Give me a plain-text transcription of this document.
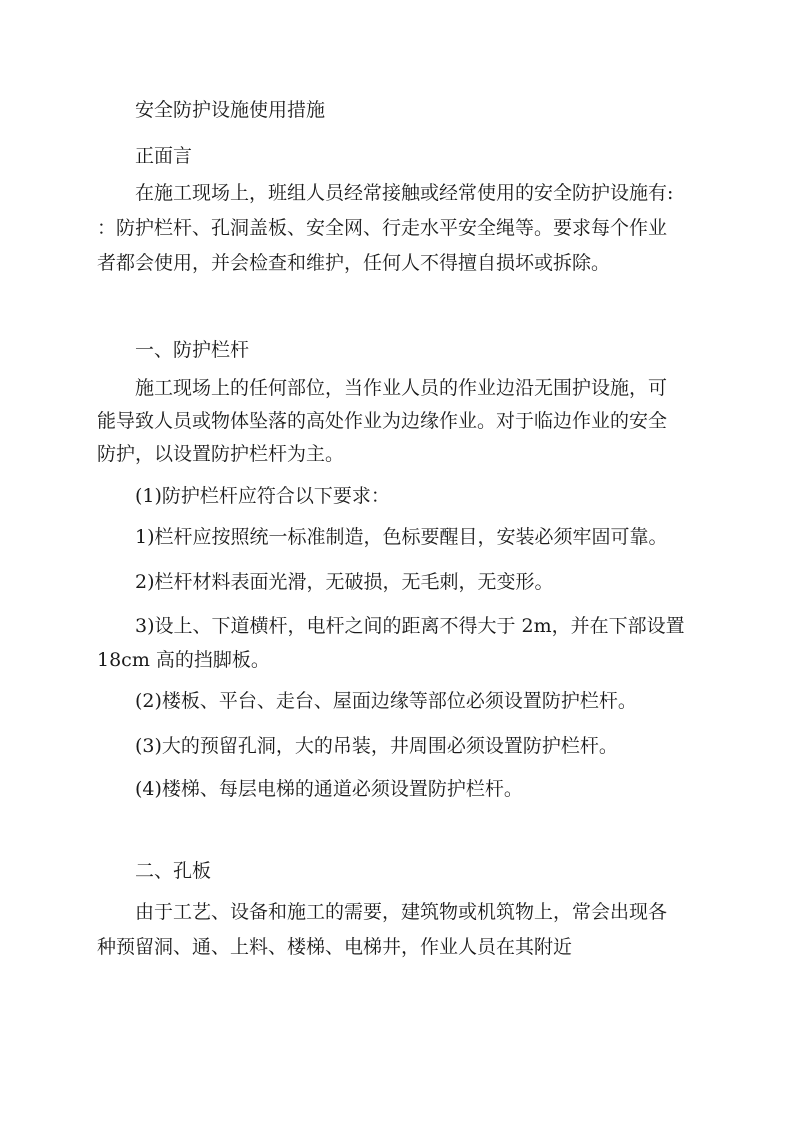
安全防护设施使用措施
正面言
在施工现场上，班组人员经常接触或经常使用的安全防护设施有:
：防护栏杆、孔洞盖板、安全网、行走水平安全绳等。要求每个作业
者都会使用，并会检查和维护，任何人不得擅自损坏或拆除。
一、防护栏杆
施工现场上的任何部位，当作业人员的作业边沿无围护设施，可
能导致人员或物体坠落的高处作业为边缘作业。对于临边作业的安全
防护，以设置防护栏杆为主。
(1)防护栏杆应符合以下要求：
1)栏杆应按照统一标准制造，色标要醒目，安装必须牢固可靠。
2)栏杆材料表面光滑，无破损，无毛刺，无变形。
3)设上、下道横杆，电杆之间的距离不得大于 2m，并在下部设置
18cm 高的挡脚板。
(2)楼板、平台、走台、屋面边缘等部位必须设置防护栏杆。
(3)大的预留孔洞，大的吊装，井周围必须设置防护栏杆。
(4)楼梯、每层电梯的通道必须设置防护栏杆。
二、孔板
由于工艺、设备和施工的需要，建筑物或机筑物上，常会出现各
种预留洞、通、上料、楼梯、电梯井，作业人员在其附近
